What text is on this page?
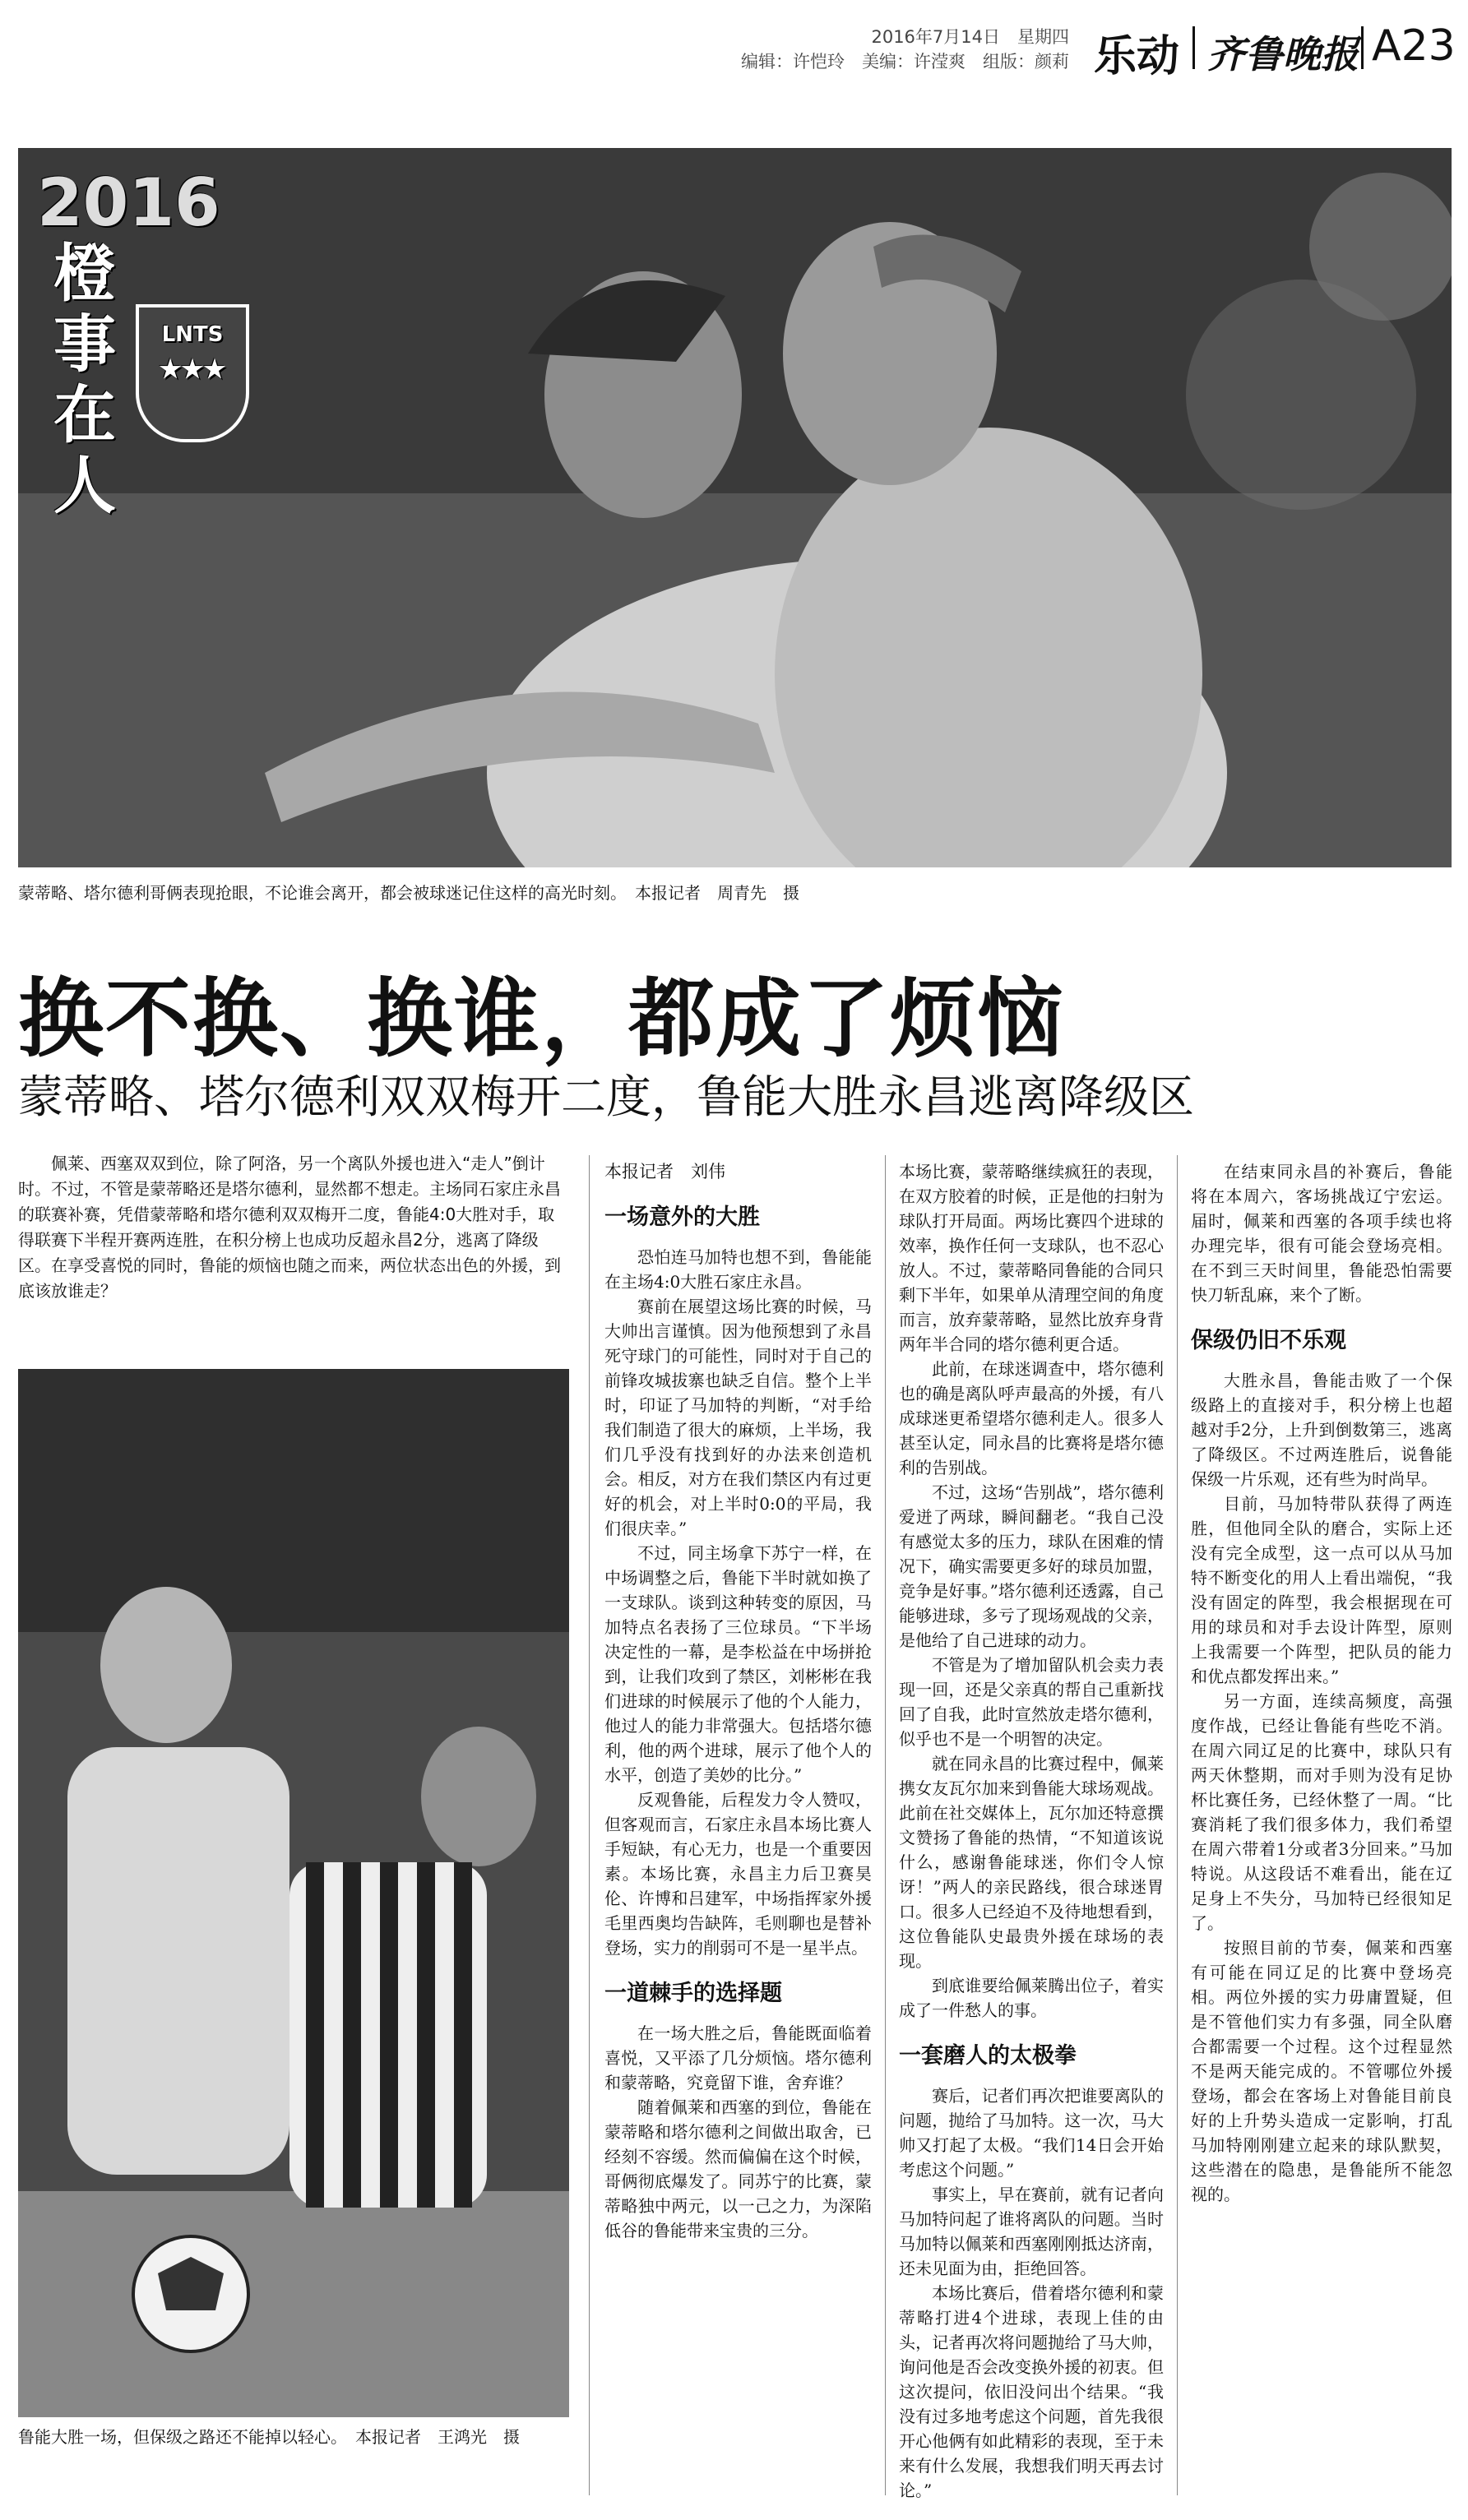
2016年7月14日　 星期四
编辑：许恺玲　 美编：许滢爽　 组版：颜莉 乐动 齐鲁晚报 A23
2016
橙
事
在
人
LNTS
★★★
蒙蒂略、塔尔德利哥俩表现抢眼，不论谁会离开，都会被球迷记住这样的高光时刻。　 本报记者　周青先　摄
换不换、换谁，都成了烦恼
蒙蒂略、塔尔德利双双梅开二度，鲁能大胜永昌逃离降级区
佩莱、西塞双双到位，除了阿洛，另一个离队外援也进入“走人”倒计时。不过，不管是蒙蒂略还是塔尔德利，显然都不想走。主场同石家庄永昌的联赛补赛，凭借蒙蒂略和塔尔德利双双梅开二度，鲁能4:0大胜对手，取得联赛下半程开赛两连胜，在积分榜上也成功反超永昌2分，逃离了降级区。在享受喜悦的同时，鲁能的烦恼也随之而来，两位状态出色的外援，到底该放谁走？
鲁能大胜一场，但保级之路还不能掉以轻心。　 本报记者　王鸿光　摄
本报记者　刘伟
一场意外的大胜

恐怕连马加特也想不到，鲁能能在主场4:0大胜石家庄永昌。

赛前在展望这场比赛的时候，马大帅出言谨慎。因为他预想到了永昌死守球门的可能性，同时对于自己的前锋攻城拔寨也缺乏自信。整个上半时，印证了马加特的判断，“对手给我们制造了很大的麻烦，上半场，我们几乎没有找到好的办法来创造机会。相反，对方在我们禁区内有过更好的机会，对上半时0:0的平局，我们很庆幸。”

不过，同主场拿下苏宁一样，在中场调整之后，鲁能下半时就如换了一支球队。谈到这种转变的原因，马加特点名表扬了三位球员。“下半场决定性的一幕，是李松益在中场拼抢到，让我们攻到了禁区，刘彬彬在我们进球的时候展示了他的个人能力，他过人的能力非常强大。包括塔尔德利，他的两个进球，展示了他个人的水平，创造了美妙的比分。”

反观鲁能，后程发力令人赞叹，但客观而言，石家庄永昌本场比赛人手短缺，有心无力，也是一个重要因素。本场比赛，永昌主力后卫赛昊伦、许博和吕建军，中场指挥家外援毛里西奥均告缺阵，毛则聊也是替补登场，实力的削弱可不是一星半点。

一道棘手的选择题

在一场大胜之后，鲁能既面临着喜悦，又平添了几分烦恼。塔尔德利和蒙蒂略，究竟留下谁，舍弃谁？

随着佩莱和西塞的到位，鲁能在蒙蒂略和塔尔德利之间做出取舍，已经刻不容缓。然而偏偏在这个时候，哥俩彻底爆发了。同苏宁的比赛，蒙蒂略独中两元，以一己之力，为深陷低谷的鲁能带来宝贵的三分。

本场比赛，蒙蒂略继续疯狂的表现，在双方胶着的时候，正是他的扫射为球队打开局面。两场比赛四个进球的效率，换作任何一支球队，也不忍心放人。不过，蒙蒂略同鲁能的合同只剩下半年，如果单从清理空间的角度而言，放弃蒙蒂略，显然比放弃身背两年半合同的塔尔德利更合适。

此前，在球迷调查中，塔尔德利也的确是离队呼声最高的外援，有八成球迷更希望塔尔德利走人。很多人甚至认定，同永昌的比赛将是塔尔德利的告别战。

不过，这场“告别战”，塔尔德利爱迸了两球，瞬间翻老。“我自己没有感觉太多的压力，球队在困难的情况下，确实需要更多好的球员加盟，竞争是好事。”塔尔德利还透露，自己能够进球，多亏了现场观战的父亲，是他给了自己进球的动力。

不管是为了增加留队机会卖力表现一回，还是父亲真的帮自己重新找回了自我，此时宣然放走塔尔德利，似乎也不是一个明智的决定。

就在同永昌的比赛过程中，佩莱携女友瓦尔加来到鲁能大球场观战。此前在社交媒体上，瓦尔加还特意撰文赞扬了鲁能的热情，“不知道该说什么，感谢鲁能球迷，你们令人惊讶！”两人的亲民路线，很合球迷胃口。很多人已经迫不及待地想看到，这位鲁能队史最贵外援在球场的表现。

到底谁要给佩莱腾出位子，着实成了一件愁人的事。

一套磨人的太极拳

赛后，记者们再次把谁要离队的问题，抛给了马加特。这一次，马大帅又打起了太极。“我们14日会开始考虑这个问题。”

事实上，早在赛前，就有记者向马加特问起了谁将离队的问题。当时马加特以佩莱和西塞刚刚抵达济南，还未见面为由，拒绝回答。

本场比赛后，借着塔尔德利和蒙蒂略打进4个进球，表现上佳的由头，记者再次将问题抛给了马大帅，询问他是否会改变换外援的初衷。但这次提问，依旧没问出个结果。“我没有过多地考虑这个问题，首先我很开心他俩有如此精彩的表现，至于未来有什么发展，我想我们明天再去讨论。”

在结束同永昌的补赛后，鲁能将在本周六，客场挑战辽宁宏运。届时，佩莱和西塞的各项手续也将办理完毕，很有可能会登场亮相。在不到三天时间里，鲁能恐怕需要快刀斩乱麻，来个了断。

保级仍旧不乐观

大胜永昌，鲁能击败了一个保级路上的直接对手，积分榜上也超越对手2分，上升到倒数第三，逃离了降级区。不过两连胜后，说鲁能保级一片乐观，还有些为时尚早。

目前，马加特带队获得了两连胜，但他同全队的磨合，实际上还没有完全成型，这一点可以从马加特不断变化的用人上看出端倪，“我没有固定的阵型，我会根据现在可用的球员和对手去设计阵型，原则上我需要一个阵型，把队员的能力和优点都发挥出来。”

另一方面，连续高频度，高强度作战，已经让鲁能有些吃不消。在周六同辽足的比赛中，球队只有两天休整期，而对手则为没有足协杯比赛任务，已经休整了一周。“比赛消耗了我们很多体力，我们希望在周六带着1分或者3分回来。”马加特说。从这段话不难看出，能在辽足身上不失分，马加特已经很知足了。

按照目前的节奏，佩莱和西塞有可能在同辽足的比赛中登场亮相。两位外援的实力毋庸置疑，但是不管他们实力有多强，同全队磨合都需要一个过程。这个过程显然不是两天能完成的。不管哪位外援登场，都会在客场上对鲁能目前良好的上升势头造成一定影响，打乱马加特刚刚建立起来的球队默契，这些潜在的隐患，是鲁能所不能忽视的。
